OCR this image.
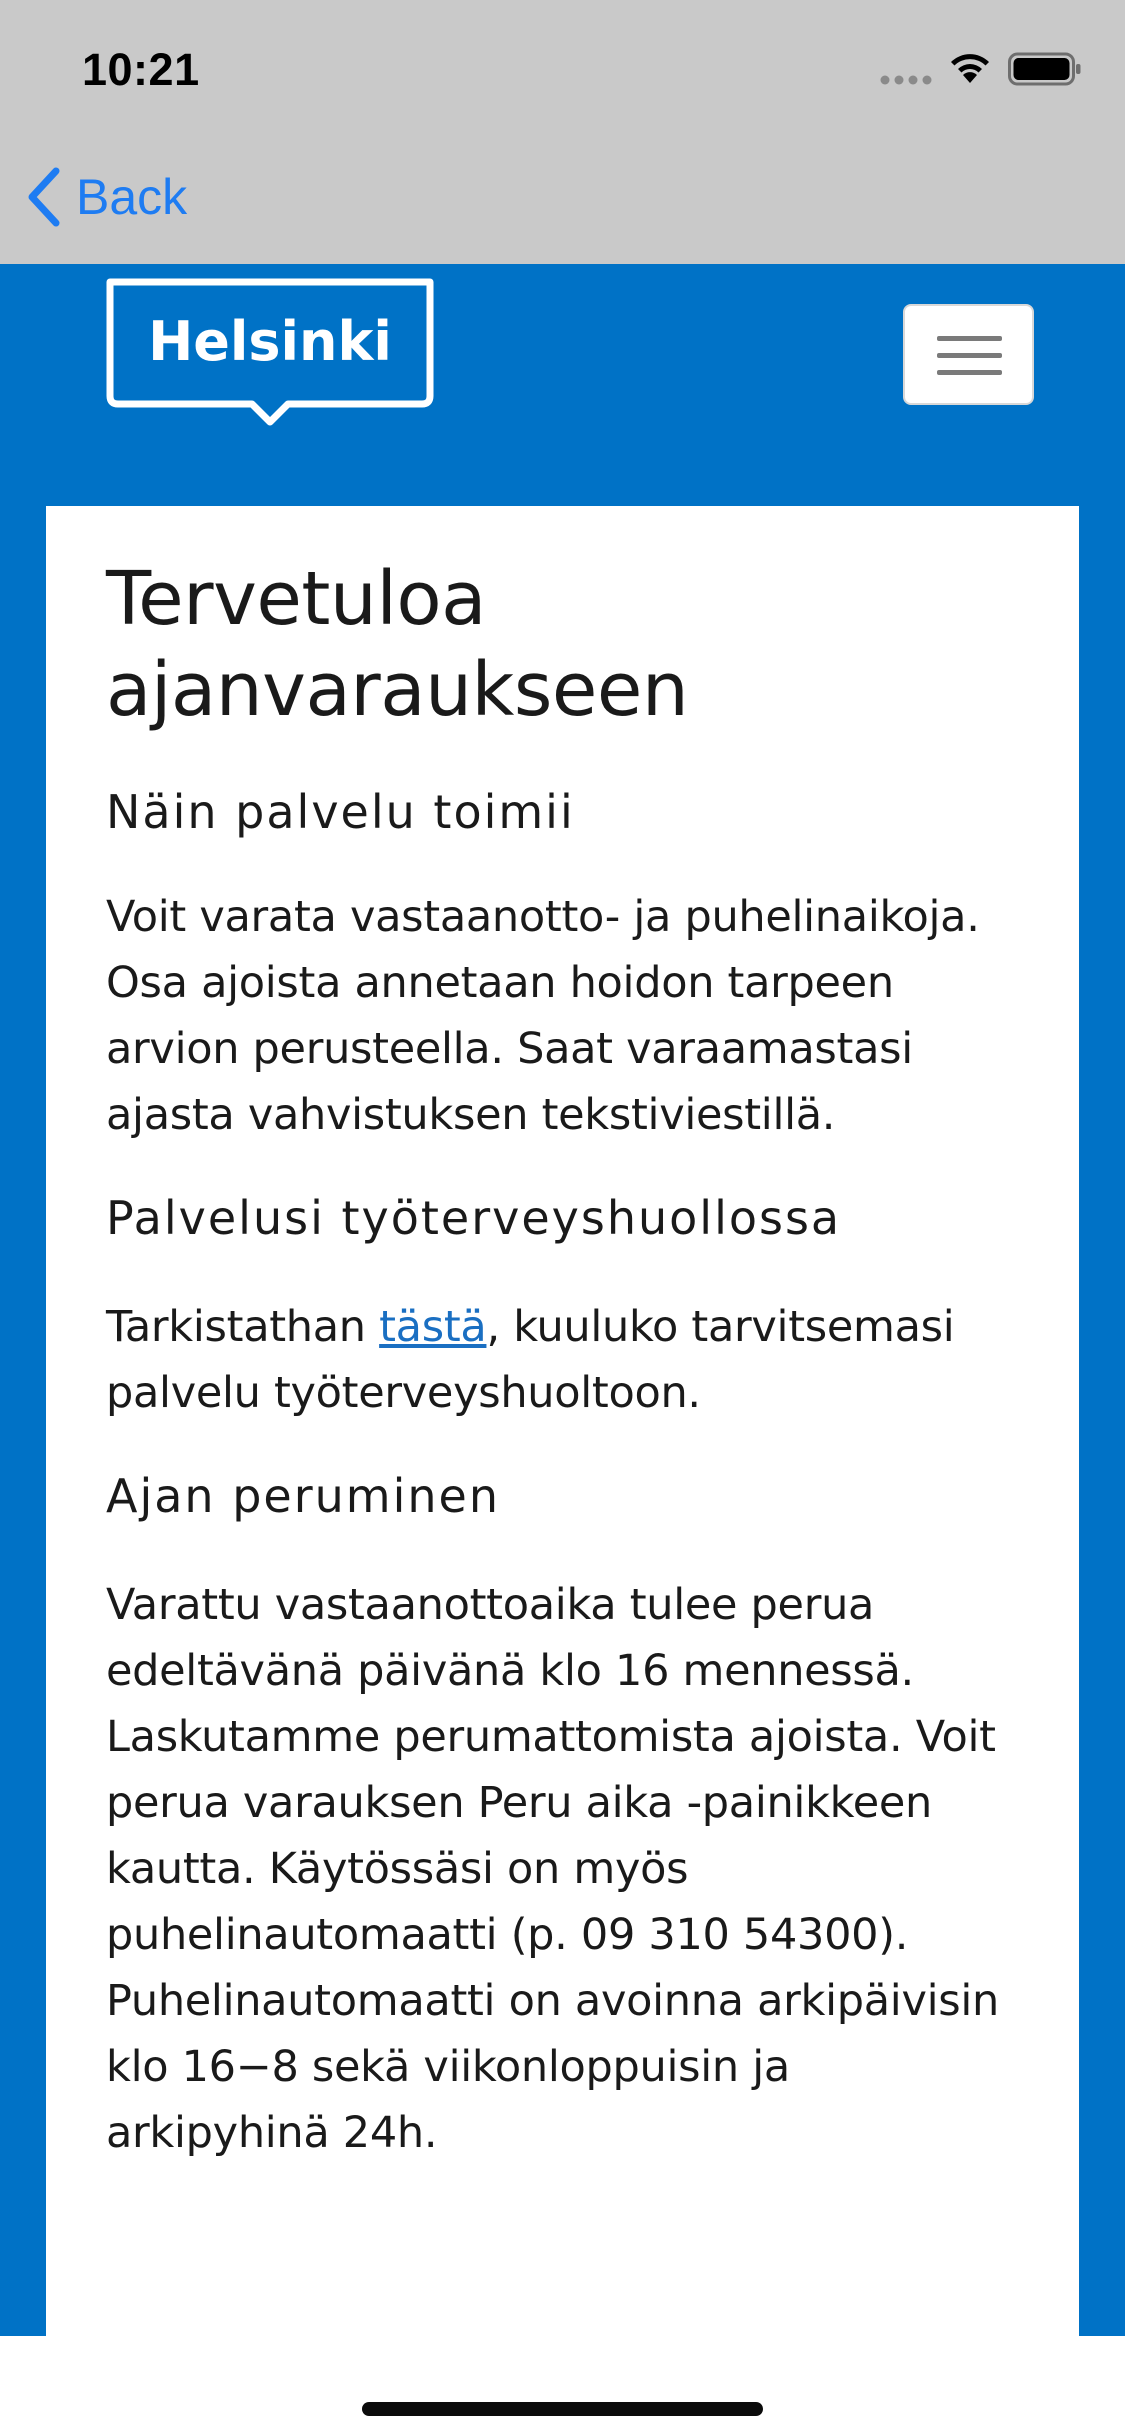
10:21
Back
Helsinki
Tervetuloa
ajanvaraukseen
Näin palvelu toimii

Voit varata vastaanotto- ja puhelinaikoja. Osa ajoista annetaan hoidon tarpeen arvion perusteella. Saat varaamastasi ajasta vahvistuksen tekstiviestillä.

Palvelusi työterveyshuollossa

Tarkistathan tästä, kuuluko tarvitsemasi palvelu työterveyshuoltoon.

Ajan peruminen

Varattu vastaanottoaika tulee perua edeltävänä päivänä klo 16 mennessä. Laskutamme perumattomista ajoista. Voit perua varauksen Peru aika -painikkeen kautta. Käytössäsi on myös puhelinautomaatti (p. 09 310 54300). Puhelinautomaatti on avoinna arkipäivisin klo 16−8 sekä viikonloppuisin ja arkipyhinä 24h.
